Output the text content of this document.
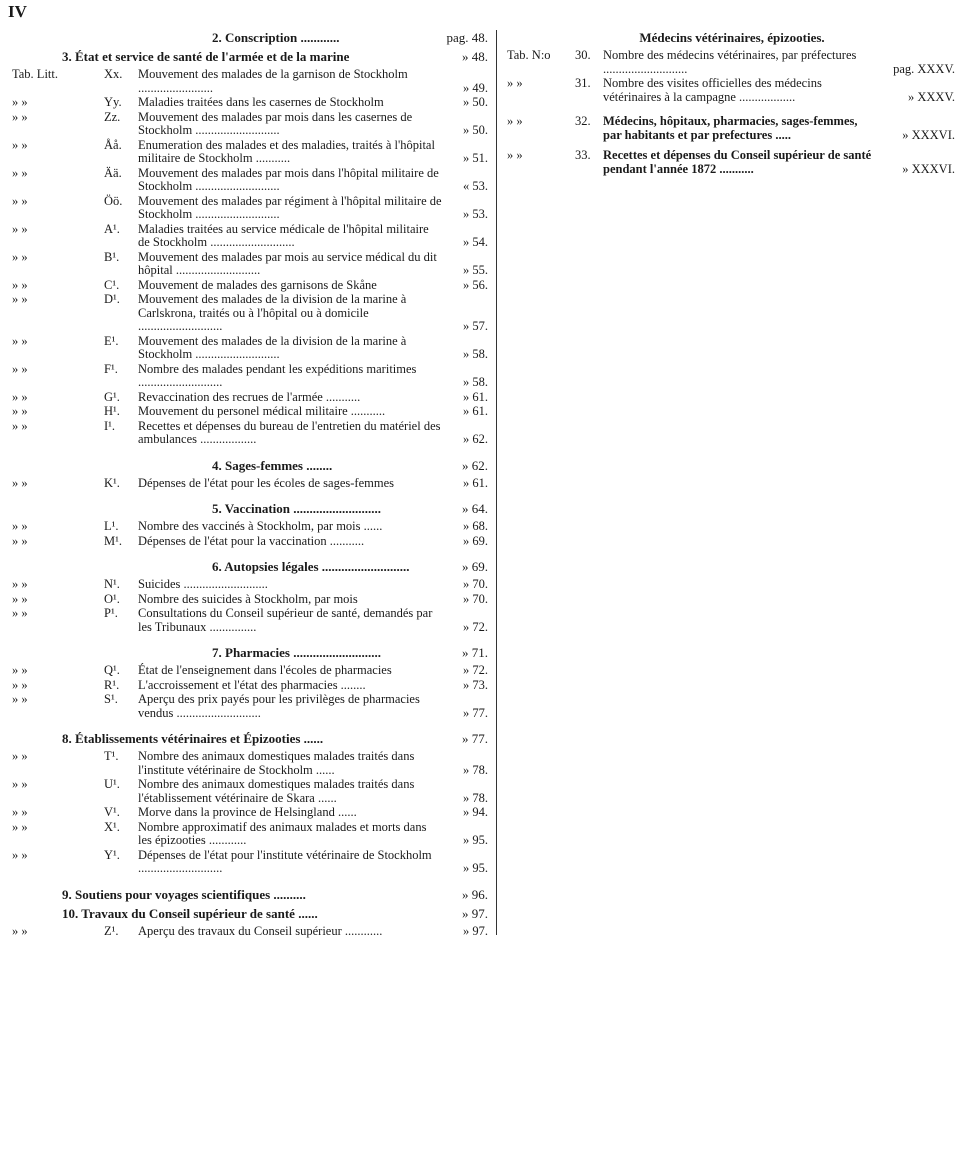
IV
2. Conscription ............	pag. 48.
3. État et service de santé de l'armée et de la marine	» 48.
Tab. Litt.	Xx. Mouvement des malades de la garnison de Stockholm ........................	» 49.
» »	Yy. Maladies traitées dans les casernes de Stockholm	» 50.
» »	Zz. Mouvement des malades par mois dans les casernes de Stockholm ...........................	» 50.
» »	Åå. Enumeration des malades et des maladies, traités à l'hôpital militaire de Stockholm ...........	» 51.
» »	Ää. Mouvement des malades par mois dans l'hôpital militaire de Stockholm ...........................	« 53.
» »	Öö. Mouvement des malades par régiment à l'hôpital militaire de Stockholm ...........................	» 53.
» »	A¹. Maladies traitées au service médicale de l'hôpital militaire de Stockholm ...........................	» 54.
» »	B¹. Mouvement des malades par mois au service médical du dit hôpital ...........................	» 55.
» »	C¹. Mouvement de malades des garnisons de Skåne	» 56.
» »	D¹. Mouvement des malades de la division de la marine à Carlskrona, traités ou à l'hôpital ou à domicile ...........................	» 57.
» »	E¹. Mouvement des malades de la division de la marine à Stockholm ...........................	» 58.
» »	F¹. Nombre des malades pendant les expéditions maritimes ...........................	» 58.
» »	G¹. Revaccination des recrues de l'armée ...........	» 61.
» »	H¹. Mouvement du personel médical militaire ...........	» 61.
» »	I¹. Recettes et dépenses du bureau de l'entretien du matériel des ambulances ..................	» 62.
4. Sages-femmes ........	» 62.
» »	K¹. Dépenses de l'état pour les écoles de sages-femmes	» 61.
5. Vaccination ...........................	» 64.
» »	L¹. Nombre des vaccinés à Stockholm, par mois ......	» 68.
» »	M¹. Dépenses de l'état pour la vaccination ...........	» 69.
6. Autopsies légales ...........................	» 69.
» »	N¹. Suicides ...........................	» 70.
» »	O¹. Nombre des suicides à Stockholm, par mois	» 70.
» »	P¹. Consultations du Conseil supérieur de santé, demandés par les Tribunaux ...............	» 72.
7. Pharmacies ...........................	» 71.
» »	Q¹. État de l'enseignement dans l'écoles de pharmacies	» 72.
» »	R¹. L'accroissement et l'état des pharmacies ........	» 73.
» »	S¹. Aperçu des prix payés pour les privilèges de pharmacies vendus ...........................	» 77.
8. Établissements vétérinaires et Épizooties ......	» 77.
» »	T¹. Nombre des animaux domestiques malades traités dans l'institute vétérinaire de Stockholm ......	» 78.
» »	U¹. Nombre des animaux domestiques malades traités dans l'établissement vétérinaire de Skara ......	» 78.
» »	V¹. Morve dans la province de Helsingland ......	» 94.
» »	X¹. Nombre approximatif des animaux malades et morts dans les épizooties ............	» 95.
» »	Y¹. Dépenses de l'état pour l'institute vétérinaire de Stockholm ...........................	» 95.
9. Soutiens pour voyages scientifiques ..........	» 96.
10. Travaux du Conseil supérieur de santé ......	» 97.
» »	Z¹. Aperçu des travaux du Conseil supérieur ............	» 97.
Médecins vétérinaires, épizooties.
Tab. N:o 30. Nombre des médecins vétérinaires, par préfectures ...........................	pag. XXXV.
» »	31. Nombre des visites officielles des médecins vétérinaires à la campagne ..................	» XXXV.
» »	32. Médecins, hôpitaux, pharmacies, sages-femmes, par habitants et par prefectures .....	» XXXVI.
» »	33. Recettes et dépenses du Conseil supérieur de santé pendant l'année 1872 ...........	» XXXVI.
